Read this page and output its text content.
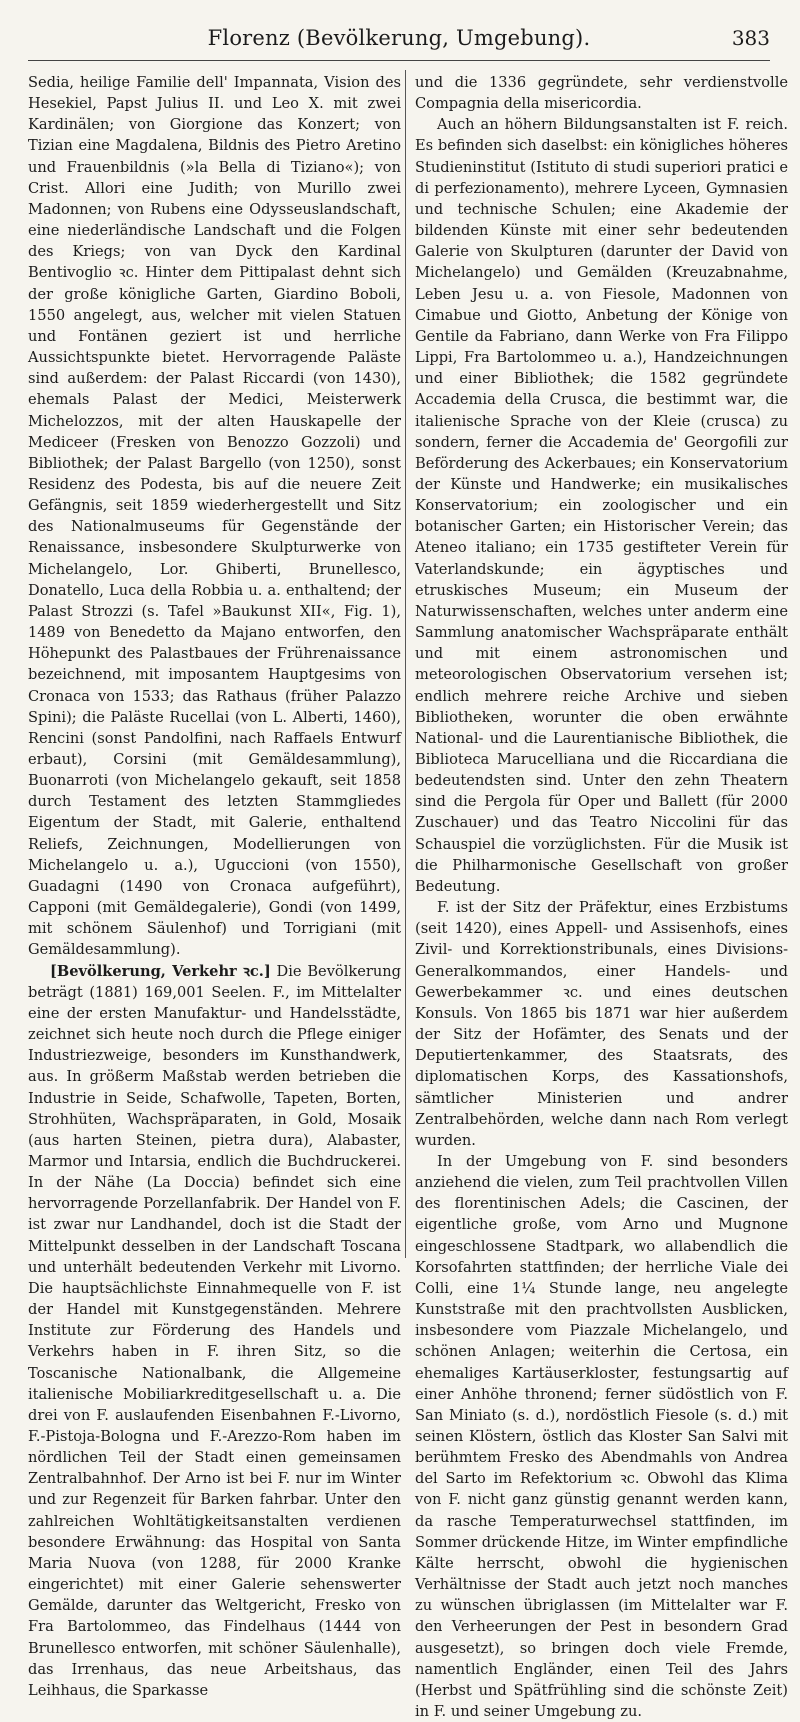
Florenz (Bevölkerung, Umgebung).	383

Sedia, heilige Familie dell' Impannata, Vision des Hesekiel, Papst Julius II. und Leo X. mit zwei Kardinälen; von Giorgione das Konzert; von Tizian eine Magdalena, Bildnis des Pietro Aretino und Frauenbildnis (»la Bella di Tiziano«); von Crist. Allori eine Judith; von Murillo zwei Madonnen; von Rubens eine Odysseuslandschaft, eine niederländische Landschaft und die Folgen des Kriegs; von van Dyck den Kardinal Bentivoglio ꝛc. Hinter dem Pittipalast dehnt sich der große königliche Garten, Giardino Boboli, 1550 angelegt, aus, welcher mit vielen Statuen und Fontänen geziert ist und herrliche Aussichtspunkte bietet. Hervorragende Paläste sind außerdem: der Palast Riccardi (von 1430), ehemals Palast der Medici, Meisterwerk Michelozzos, mit der alten Hauskapelle der Mediceer (Fresken von Benozzo Gozzoli) und Bibliothek; der Palast Bargello (von 1250), sonst Residenz des Podesta, bis auf die neuere Zeit Gefängnis, seit 1859 wiederhergestellt und Sitz des Nationalmuseums für Gegenstände der Renaissance, insbesondere Skulpturwerke von Michelangelo, Lor. Ghiberti, Brunellesco, Donatello, Luca della Robbia u. a. enthaltend; der Palast Strozzi (s. Tafel »Baukunst XII«, Fig. 1), 1489 von Benedetto da Majano entworfen, den Höhepunkt des Palastbaues der Frührenaissance bezeichnend, mit imposantem Hauptgesims von Cronaca von 1533; das Rathaus (früher Palazzo Spini); die Paläste Rucellai (von L. Alberti, 1460), Rencini (sonst Pandolfini, nach Raffaels Entwurf erbaut), Corsini (mit Gemäldesammlung), Buonarroti (von Michelangelo gekauft, seit 1858 durch Testament des letzten Stammgliedes Eigentum der Stadt, mit Galerie, enthaltend Reliefs, Zeichnungen, Modellierungen von Michelangelo u. a.), Uguccioni (von 1550), Guadagni (1490 von Cronaca aufgeführt), Capponi (mit Gemäldegalerie), Gondi (von 1499, mit schönem Säulenhof) und Torrigiani (mit Gemäldesammlung).

[Bevölkerung, Verkehr ꝛc.] Die Bevölkerung beträgt (1881) 169,001 Seelen. F., im Mittelalter eine der ersten Manufaktur- und Handelsstädte, zeichnet sich heute noch durch die Pflege einiger Industriezweige, besonders im Kunsthandwerk, aus. In größerm Maßstab werden betrieben die Industrie in Seide, Schafwolle, Tapeten, Borten, Strohhüten, Wachspräparaten, in Gold, Mosaik (aus harten Steinen, pietra dura), Alabaster, Marmor und Intarsia, endlich die Buchdruckerei. In der Nähe (La Doccia) befindet sich eine hervorragende Porzellanfabrik. Der Handel von F. ist zwar nur Landhandel, doch ist die Stadt der Mittelpunkt desselben in der Landschaft Toscana und unterhält bedeutenden Verkehr mit Livorno. Die hauptsächlichste Einnahmequelle von F. ist der Handel mit Kunstgegenständen. Mehrere Institute zur Förderung des Handels und Verkehrs haben in F. ihren Sitz, so die Toscanische Nationalbank, die Allgemeine italienische Mobiliarkreditgesellschaft u. a. Die drei von F. auslaufenden Eisenbahnen F.-Livorno, F.-Pistoja-Bologna und F.-Arezzo-Rom haben im nördlichen Teil der Stadt einen gemeinsamen Zentralbahnhof. Der Arno ist bei F. nur im Winter und zur Regenzeit für Barken fahrbar. Unter den zahlreichen Wohltätigkeitsanstalten verdienen besondere Erwähnung: das Hospital von Santa Maria Nuova (von 1288, für 2000 Kranke eingerichtet) mit einer Galerie sehenswerter Gemälde, darunter das Weltgericht, Fresko von Fra Bartolommeo, das Findelhaus (1444 von Brunellesco entworfen, mit schöner Säulenhalle), das Irrenhaus, das neue Arbeitshaus, das Leihhaus, die Sparkasse

und die 1336 gegründete, sehr verdienstvolle Compagnia della misericordia.

Auch an höhern Bildungsanstalten ist F. reich. Es befinden sich daselbst: ein königliches höheres Studieninstitut (Istituto di studi superiori pratici e di perfezionamento), mehrere Lyceen, Gymnasien und technische Schulen; eine Akademie der bildenden Künste mit einer sehr bedeutenden Galerie von Skulpturen (darunter der David von Michelangelo) und Gemälden (Kreuzabnahme, Leben Jesu u. a. von Fiesole, Madonnen von Cimabue und Giotto, Anbetung der Könige von Gentile da Fabriano, dann Werke von Fra Filippo Lippi, Fra Bartolommeo u. a.), Handzeichnungen und einer Bibliothek; die 1582 gegründete Accademia della Crusca, die bestimmt war, die italienische Sprache von der Kleie (crusca) zu sondern, ferner die Accademia de' Georgofili zur Beförderung des Ackerbaues; ein Konservatorium der Künste und Handwerke; ein musikalisches Konservatorium; ein zoologischer und ein botanischer Garten; ein Historischer Verein; das Ateneo italiano; ein 1735 gestifteter Verein für Vaterlandskunde; ein ägyptisches und etruskisches Museum; ein Museum der Naturwissenschaften, welches unter anderm eine Sammlung anatomischer Wachspräparate enthält und mit einem astronomischen und meteorologischen Observatorium versehen ist; endlich mehrere reiche Archive und sieben Bibliotheken, worunter die oben erwähnte National- und die Laurentianische Bibliothek, die Biblioteca Marucelliana und die Riccardiana die bedeutendsten sind. Unter den zehn Theatern sind die Pergola für Oper und Ballett (für 2000 Zuschauer) und das Teatro Niccolini für das Schauspiel die vorzüglichsten. Für die Musik ist die Philharmonische Gesellschaft von großer Bedeutung.

F. ist der Sitz der Präfektur, eines Erzbistums (seit 1420), eines Appell- und Assisenhofs, eines Zivil- und Korrektionstribunals, eines Divisions-Generalkommandos, einer Handels- und Gewerbekammer ꝛc. und eines deutschen Konsuls. Von 1865 bis 1871 war hier außerdem der Sitz der Hofämter, des Senats und der Deputiertenkammer, des Staatsrats, des diplomatischen Korps, des Kassationshofs, sämtlicher Ministerien und andrer Zentralbehörden, welche dann nach Rom verlegt wurden.

In der Umgebung von F. sind besonders anziehend die vielen, zum Teil prachtvollen Villen des florentinischen Adels; die Cascinen, der eigentliche große, vom Arno und Mugnone eingeschlossene Stadtpark, wo allabendlich die Korsofahrten stattfinden; der herrliche Viale dei Colli, eine 1¼ Stunde lange, neu angelegte Kunststraße mit den prachtvollsten Ausblicken, insbesondere vom Piazzale Michelangelo, und schönen Anlagen; weiterhin die Certosa, ein ehemaliges Kartäuserkloster, festungsartig auf einer Anhöhe thronend; ferner südöstlich von F. San Miniato (s. d.), nordöstlich Fiesole (s. d.) mit seinen Klöstern, östlich das Kloster San Salvi mit berühmtem Fresko des Abendmahls von Andrea del Sarto im Refektorium ꝛc. Obwohl das Klima von F. nicht ganz günstig genannt werden kann, da rasche Temperaturwechsel stattfinden, im Sommer drückende Hitze, im Winter empfindliche Kälte herrscht, obwohl die hygienischen Verhältnisse der Stadt auch jetzt noch manches zu wünschen übriglassen (im Mittelalter war F. den Verheerungen der Pest in besondern Grad ausgesetzt), so bringen doch viele Fremde, namentlich Engländer, einen Teil des Jahrs (Herbst und Spätfrühling sind die schönste Zeit) in F. und seiner Umgebung zu.
